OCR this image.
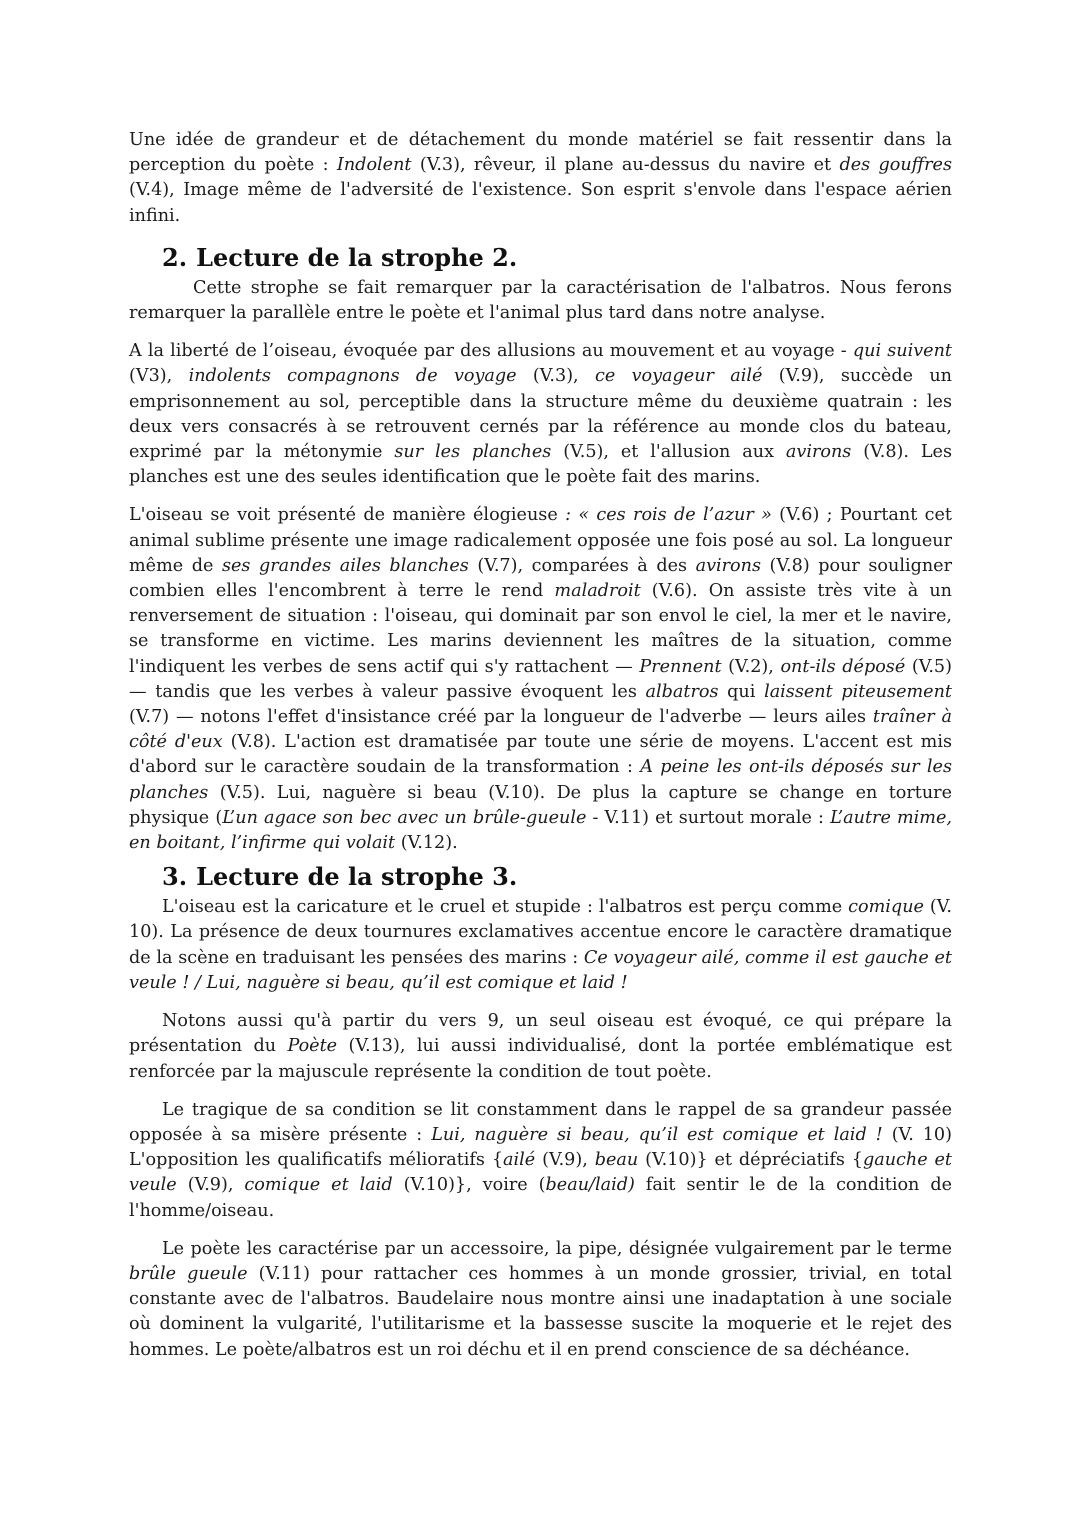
Une idée de grandeur et de détachement du monde matériel se fait ressentir dans la perception du poète : Indolent (V.3), rêveur, il plane au-dessus du navire et des gouffres (V.4), Image même de l'adversité de l'existence. Son esprit s'envole dans l'espace aérien infini.

2. Lecture de la strophe 2.

Cette strophe se fait remarquer par la caractérisation de l'albatros. Nous ferons remarquer la parallèle entre le poète et l'animal plus tard dans notre analyse.

A la liberté de l’oiseau, évoquée par des allusions au mouvement et au voyage - qui suivent (V3), indolents compagnons de voyage (V.3), ce voyageur ailé (V.9), succède un emprisonnement au sol, perceptible dans la structure même du deuxième quatrain : les deux vers consacrés à se retrouvent cernés par la référence au monde clos du bateau, exprimé par la métonymie sur les planches (V.5), et l'allusion aux avirons (V.8). Les planches est une des seules identification que le poète fait des marins.

L'oiseau se voit présenté de manière élogieuse : « ces rois de l’azur » (V.6) ; Pourtant cet animal sublime présente une image radicalement opposée une fois posé au sol. La longueur même de ses grandes ailes blanches (V.7), comparées à des avirons (V.8) pour souligner combien elles l'encombrent à terre le rend maladroit (V.6). On assiste très vite à un renversement de situation : l'oiseau, qui dominait par son envol le ciel, la mer et le navire, se transforme en victime. Les marins deviennent les maîtres de la situation, comme l'indiquent les verbes de sens actif qui s'y rattachent — Prennent (V.2), ont-ils déposé (V.5) — tandis que les verbes à valeur passive évoquent les albatros qui laissent piteusement (V.7) — notons l'effet d'insistance créé par la longueur de l'adverbe — leurs ailes traîner à côté d'eux (V.8). L'action est dramatisée par toute une série de moyens. L'accent est mis d'abord sur le caractère soudain de la transformation : A peine les ont-ils déposés sur les planches (V.5). Lui, naguère si beau (V.10). De plus la capture se change en torture physique (L’un agace son bec avec un brûle-gueule - V.11) et surtout morale : L’autre mime, en boitant, l’infirme qui volait (V.12).

3. Lecture de la strophe 3.

L'oiseau est la caricature et le cruel et stupide : l'albatros est perçu comme comique (V. 10). La présence de deux tournures exclamatives accentue encore le caractère dramatique de la scène en traduisant les pensées des marins : Ce voyageur ailé, comme il est gauche et veule ! / Lui, naguère si beau, qu’il est comique et laid !

Notons aussi qu'à partir du vers 9, un seul oiseau est évoqué, ce qui prépare la présentation du Poète (V.13), lui aussi individualisé, dont la portée emblématique est renforcée par la majuscule représente la condition de tout poète.

Le tragique de sa condition se lit constamment dans le rappel de sa grandeur passée opposée à sa misère présente : Lui, naguère si beau, qu’il est comique et laid ! (V. 10) L'opposition les qualificatifs mélioratifs {ailé (V.9), beau (V.10)} et dépréciatifs {gauche et veule (V.9), comique et laid (V.10)}, voire (beau/laid) fait sentir le de la condition de l'homme/oiseau.

Le poète les caractérise par un accessoire, la pipe, désignée vulgairement par le terme brûle gueule (V.11) pour rattacher ces hommes à un monde grossier, trivial, en total constante avec de l'albatros. Baudelaire nous montre ainsi une inadaptation à une sociale où dominent la vulgarité, l'utilitarisme et la bassesse suscite la moquerie et le rejet des hommes. Le poète/albatros est un roi déchu et il en prend conscience de sa déchéance.
